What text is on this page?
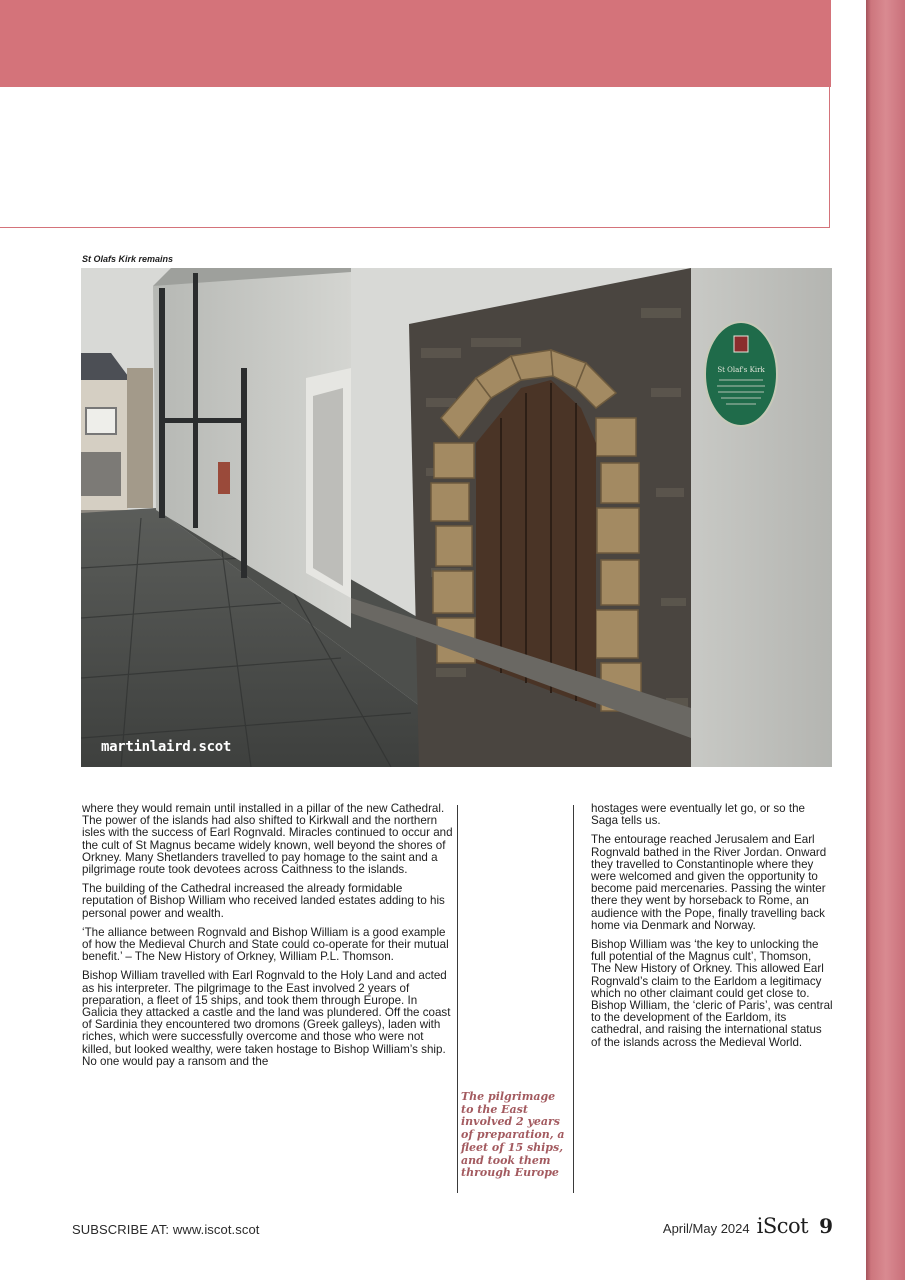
St Olafs Kirk remains
St Olaf's Kirk
martinlaird.scot

where they would remain until installed in a pillar of the new Cathedral. The power of the islands had also shifted to Kirkwall and the northern isles with the success of Earl Rognvald. Miracles continued to occur and the cult of St Magnus became widely known, well beyond the shores of Orkney. Many Shetlanders travelled to pay homage to the saint and a pilgrimage route took devotees across Caithness to the islands.

The building of the Cathedral increased the already formidable reputation of Bishop William who received landed estates adding to his personal power and wealth.

‘The alliance between Rognvald and Bishop William is a good example of how the Medieval Church and State could co-operate for their mutual benefit.’ – The New History of Orkney, William P.L. Thomson.

Bishop William travelled with Earl Rognvald to the Holy Land and acted as his interpreter. The pilgrimage to the East involved 2 years of preparation, a fleet of 15 ships, and took them through Europe. In Galicia they attacked a castle and the land was plundered. Off the coast of Sardinia they encountered two dromons (Greek galleys), laden with riches, which were successfully overcome and those who were not killed, but looked wealthy, were taken hostage to Bishop William’s ship. No one would pay a ransom and the

The pilgrimage to the East involved 2 years of preparation, a fleet of 15 ships, and took them through Europe

hostages were eventually let go, or so the Saga tells us.

The entourage reached Jerusalem and Earl Rognvald bathed in the River Jordan. Onward they travelled to Constantinople where they were welcomed and given the opportunity to become paid mercenaries. Passing the winter there they went by horseback to Rome, an audience with the Pope, finally travelling back home via Denmark and Norway.

Bishop William was ‘the key to unlocking the full potential of the Magnus cult’, Thomson, The New History of Orkney. This allowed Earl Rognvald’s claim to the Earldom a legitimacy which no other claimant could get close to. Bishop William, the ‘cleric of Paris’, was central to the development of the Earldom, its cathedral, and raising the international status of the islands across the Medieval World.

SUBSCRIBE AT: www.iscot.scot	April/May 2024 iScot 9
